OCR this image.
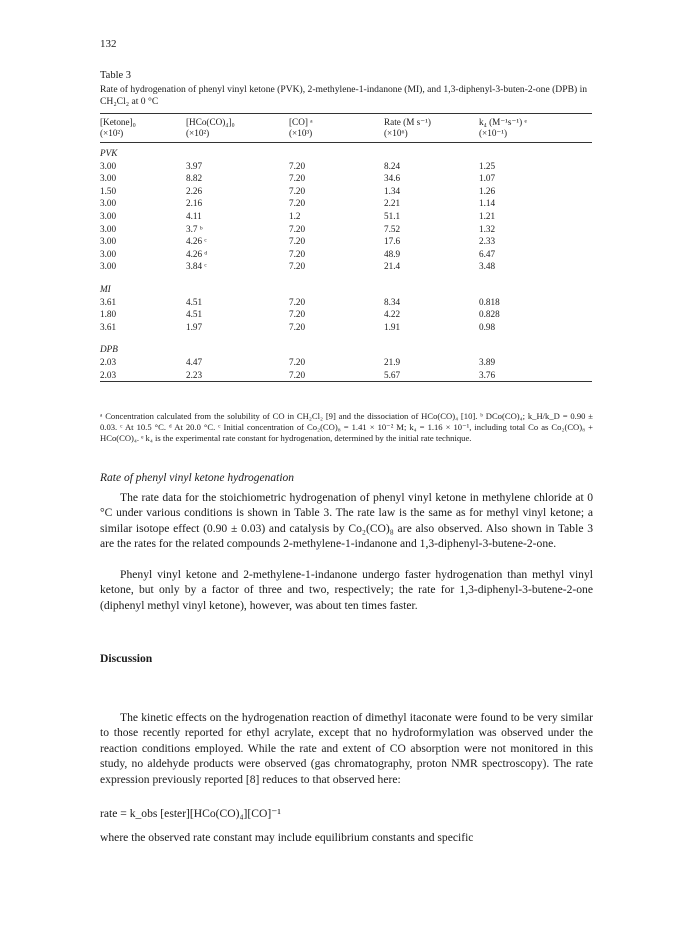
132
Table 3
Rate of hydrogenation of phenyl vinyl ketone (PVK), 2-methylene-1-indanone (MI), and 1,3-diphenyl-3-buten-2-one (DPB) in CH₂Cl₂ at 0 °C
[Ketone]₀	[HCo(CO)₄]₀	[CO] ᵃ	Rate (M s⁻¹)	k₄ (M⁻¹s⁻¹) ᵉ	
(×10²)	(×10²)	(×10³)	(×10⁶)	(×10⁻¹)	
PVK					
3.00	3.97	7.20	8.24	1.25	
3.00	8.82	7.20	34.6	1.07	
1.50	2.26	7.20	1.34	1.26	
3.00	2.16	7.20	2.21	1.14	
3.00	4.11	1.2	51.1	1.21	
3.00	3.7 ᵇ	7.20	7.52	1.32	
3.00	4.26 ᶜ	7.20	17.6	2.33	
3.00	4.26 ᵈ	7.20	48.9	6.47	
3.00	3.84 ᶜ	7.20	21.4	3.48	

MI					
3.61	4.51	7.20	8.34	0.818	
1.80	4.51	7.20	4.22	0.828	
3.61	1.97	7.20	1.91	0.98	

DPB					
2.03	4.47	7.20	21.9	3.89	
2.03	2.23	7.20	5.67	3.76	
ᵃ Concentration calculated from the solubility of CO in CH₂Cl₂ [9] and the dissociation of HCo(CO)₄ [10]. ᵇ DCo(CO)₄; k_H/k_D = 0.90 ± 0.03. ᶜ At 10.5 °C. ᵈ At 20.0 °C. ᶜ Initial concentration of Co₂(CO)₈ = 1.41 × 10⁻² M; k₄ = 1.16 × 10⁻¹, including total Co as Co₂(CO)₈ + HCo(CO)₄. ᵉ k₄ is the experimental rate constant for hydrogenation, determined by the initial rate technique.
Rate of phenyl vinyl ketone hydrogenation

The rate data for the stoichiometric hydrogenation of phenyl vinyl ketone in methylene chloride at 0 °C under various conditions is shown in Table 3. The rate law is the same as for methyl vinyl ketone; a similar isotope effect (0.90 ± 0.03) and catalysis by Co₂(CO)₈ are also observed. Also shown in Table 3 are the rates for the related compounds 2-methylene-1-indanone and 1,3-diphenyl-3-butene-2-one.

Phenyl vinyl ketone and 2-methylene-1-indanone undergo faster hydrogenation than methyl vinyl ketone, but only by a factor of three and two, respectively; the rate for 1,3-diphenyl-3-butene-2-one (diphenyl methyl vinyl ketone), however, was about ten times faster.

Discussion

The kinetic effects on the hydrogenation reaction of dimethyl itaconate were found to be very similar to those recently reported for ethyl acrylate, except that no hydroformylation was observed under the reaction conditions employed. While the rate and extent of CO absorption were not monitored in this study, no aldehyde products were observed (gas chromatography, proton NMR spectroscopy). The rate expression previously reported [8] reduces to that observed here:

rate = k_obs [ester][HCo(CO)₄][CO]⁻¹

where the observed rate constant may include equilibrium constants and specific
